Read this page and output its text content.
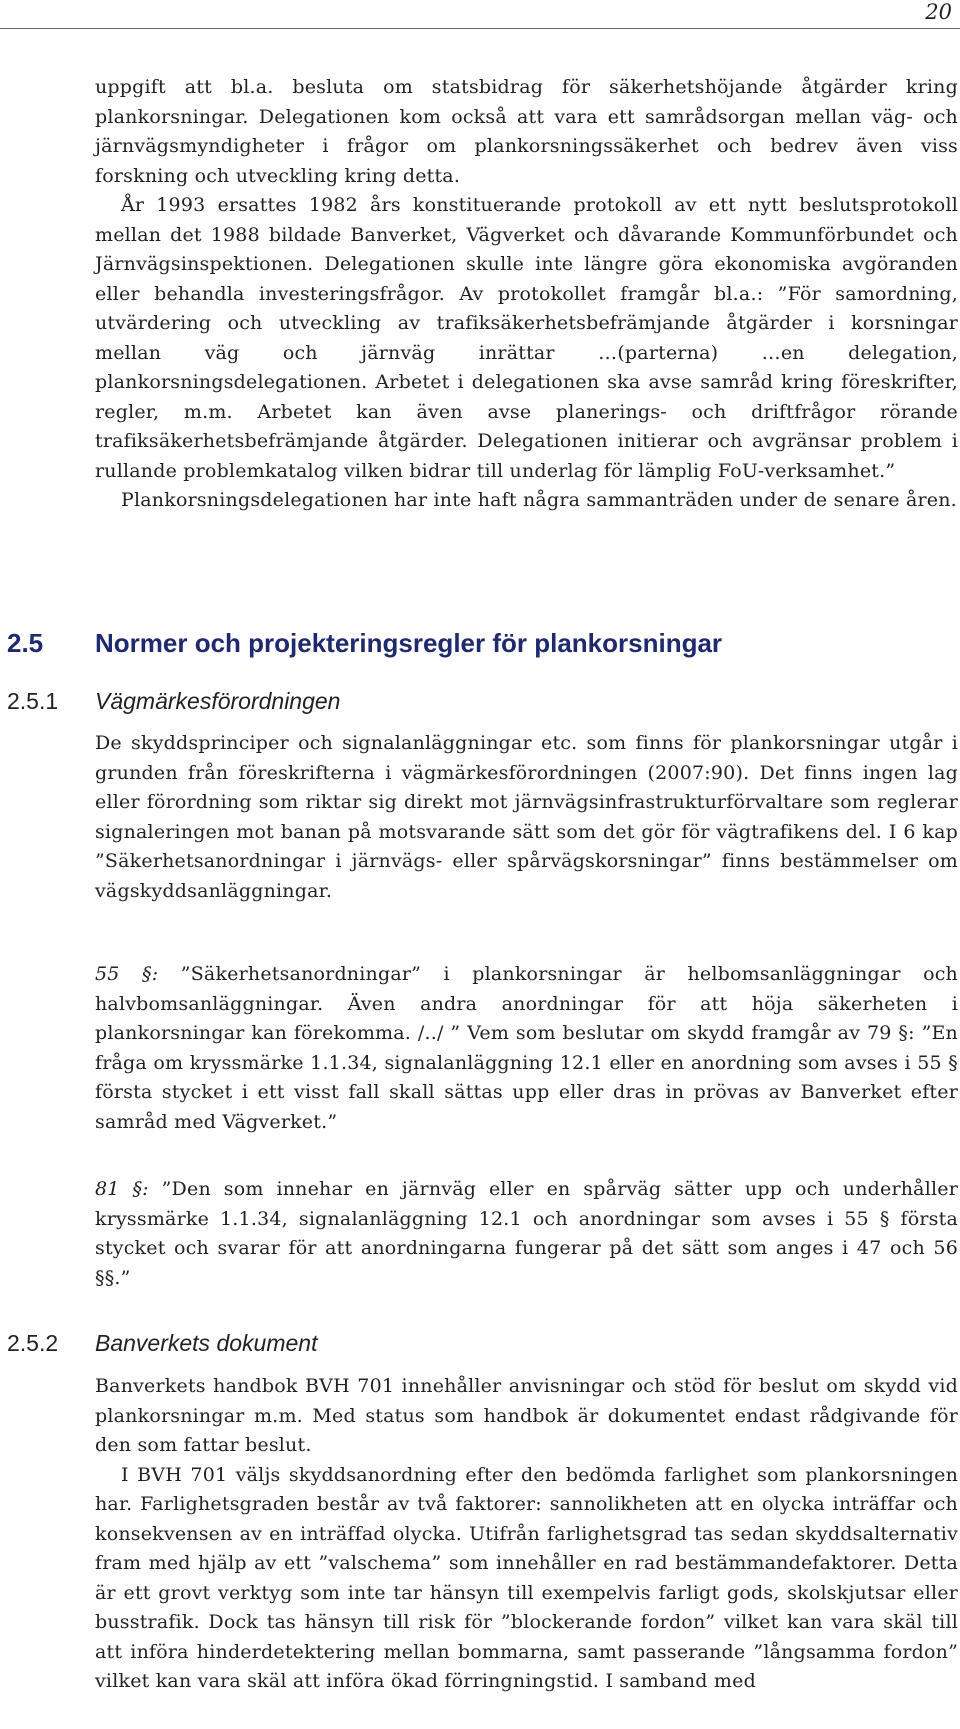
20

uppgift att bl.a. besluta om statsbidrag för säkerhetshöjande åtgärder kring plankorsningar. Delegationen kom också att vara ett samrådsorgan mellan väg- och järnvägsmyndigheter i frågor om plankorsningssäkerhet och bedrev även viss forskning och utveckling kring detta.

År 1993 ersattes 1982 års konstituerande protokoll av ett nytt beslutsprotokoll mellan det 1988 bildade Banverket, Vägverket och dåvarande Kommunförbundet och Järnvägsinspektionen. Delegationen skulle inte längre göra ekonomiska avgöranden eller behandla investeringsfrågor. Av protokollet framgår bl.a.: ”För samordning, utvärdering och utveckling av trafiksäkerhetsbefrämjande åtgärder i korsningar mellan väg och järnväg inrättar …(parterna) …en delegation, plankorsningsdelegationen. Arbetet i delegationen ska avse samråd kring föreskrifter, regler, m.m. Arbetet kan även avse planerings- och driftfrågor rörande trafiksäkerhetsbefrämjande åtgärder. Delegationen initierar och avgränsar problem i rullande problemkatalog vilken bidrar till underlag för lämplig FoU-verksamhet.”

Plankorsningsdelegationen har inte haft några sammanträden under de senare åren.

2.5 Normer och projekteringsregler för plankorsningar
2.5.1 Vägmärkesförordningen

De skyddsprinciper och signalanläggningar etc. som finns för plankorsningar utgår i grunden från föreskrifterna i vägmärkesförordningen (2007:90). Det finns ingen lag eller förordning som riktar sig direkt mot järnvägsinfrastrukturförvaltare som reglerar signaleringen mot banan på motsvarande sätt som det gör för vägtrafikens del. I 6 kap ”Säkerhetsanordningar i järnvägs- eller spårvägskorsningar” finns bestämmelser om vägskyddsanläggningar.

55 §: ”Säkerhetsanordningar” i plankorsningar är helbomsanläggningar och halvbomsanläggningar. Även andra anordningar för att höja säkerheten i plankorsningar kan förekomma. /../ ” Vem som beslutar om skydd framgår av 79 §: ”En fråga om kryssmärke 1.1.34, signalanläggning 12.1 eller en anordning som avses i 55 § första stycket i ett visst fall skall sättas upp eller dras in prövas av Banverket efter samråd med Vägverket.”

81 §: ”Den som innehar en järnväg eller en spårväg sätter upp och underhåller kryssmärke 1.1.34, signalanläggning 12.1 och anordningar som avses i 55 § första stycket och svarar för att anordningarna fungerar på det sätt som anges i 47 och 56 §§.”

2.5.2 Banverkets dokument

Banverkets handbok BVH 701 innehåller anvisningar och stöd för beslut om skydd vid plankorsningar m.m. Med status som handbok är dokumentet endast rådgivande för den som fattar beslut.

I BVH 701 väljs skyddsanordning efter den bedömda farlighet som plankorsningen har. Farlighetsgraden består av två faktorer: sannolikheten att en olycka inträffar och konsekvensen av en inträffad olycka. Utifrån farlighetsgrad tas sedan skyddsalternativ fram med hjälp av ett ”valschema” som innehåller en rad bestämmandefaktorer. Detta är ett grovt verktyg som inte tar hänsyn till exempelvis farligt gods, skolskjutsar eller busstrafik. Dock tas hänsyn till risk för ”blockerande fordon” vilket kan vara skäl till att införa hinderdetektering mellan bommarna, samt passerande ”långsamma fordon” vilket kan vara skäl att införa ökad förringningstid. I samband med
